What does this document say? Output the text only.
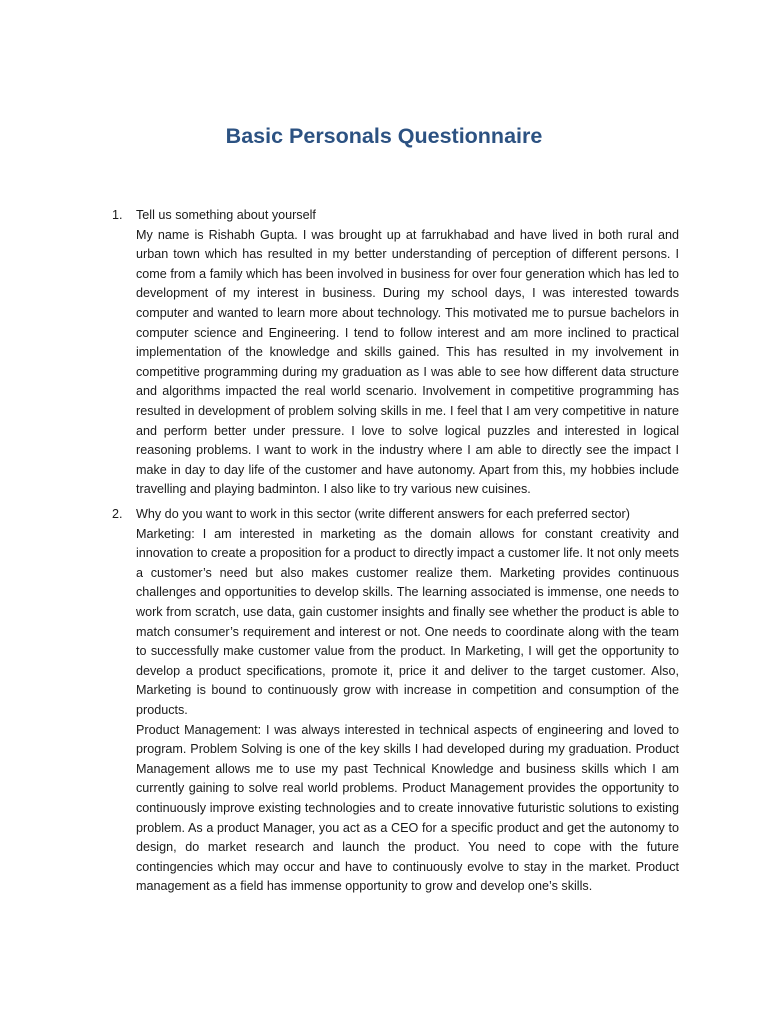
Basic Personals Questionnaire
1. Tell us something about yourself
My name is Rishabh Gupta. I was brought up at farrukhabad and have lived in both rural and urban town which has resulted in my better understanding of perception of different persons. I come from a family which has been involved in business for over four generation which has led to development of my interest in business. During my school days, I was interested towards computer and wanted to learn more about technology. This motivated me to pursue bachelors in computer science and Engineering. I tend to follow interest and am more inclined to practical implementation of the knowledge and skills gained. This has resulted in my involvement in competitive programming during my graduation as I was able to see how different data structure and algorithms impacted the real world scenario. Involvement in competitive programming has resulted in development of problem solving skills in me. I feel that I am very competitive in nature and perform better under pressure. I love to solve logical puzzles and interested in logical reasoning problems. I want to work in the industry where I am able to directly see the impact I make in day to day life of the customer and have autonomy. Apart from this, my hobbies include travelling and playing badminton. I also like to try various new cuisines.
2. Why do you want to work in this sector (write different answers for each preferred sector)
Marketing: I am interested in marketing as the domain allows for constant creativity and innovation to create a proposition for a product to directly impact a customer life. It not only meets a customer’s need but also makes customer realize them. Marketing provides continuous challenges and opportunities to develop skills. The learning associated is immense, one needs to work from scratch, use data, gain customer insights and finally see whether the product is able to match consumer’s requirement and interest or not. One needs to coordinate along with the team to successfully make customer value from the product. In Marketing, I will get the opportunity to develop a product specifications, promote it, price it and deliver to the target customer. Also, Marketing is bound to continuously grow with increase in competition and consumption of the products.
Product Management: I was always interested in technical aspects of engineering and loved to program. Problem Solving is one of the key skills I had developed during my graduation. Product Management allows me to use my past Technical Knowledge and business skills which I am currently gaining to solve real world problems. Product Management provides the opportunity to continuously improve existing technologies and to create innovative futuristic solutions to existing problem. As a product Manager, you act as a CEO for a specific product and get the autonomy to design, do market research and launch the product. You need to cope with the future contingencies which may occur and have to continuously evolve to stay in the market. Product management as a field has immense opportunity to grow and develop one’s skills.
